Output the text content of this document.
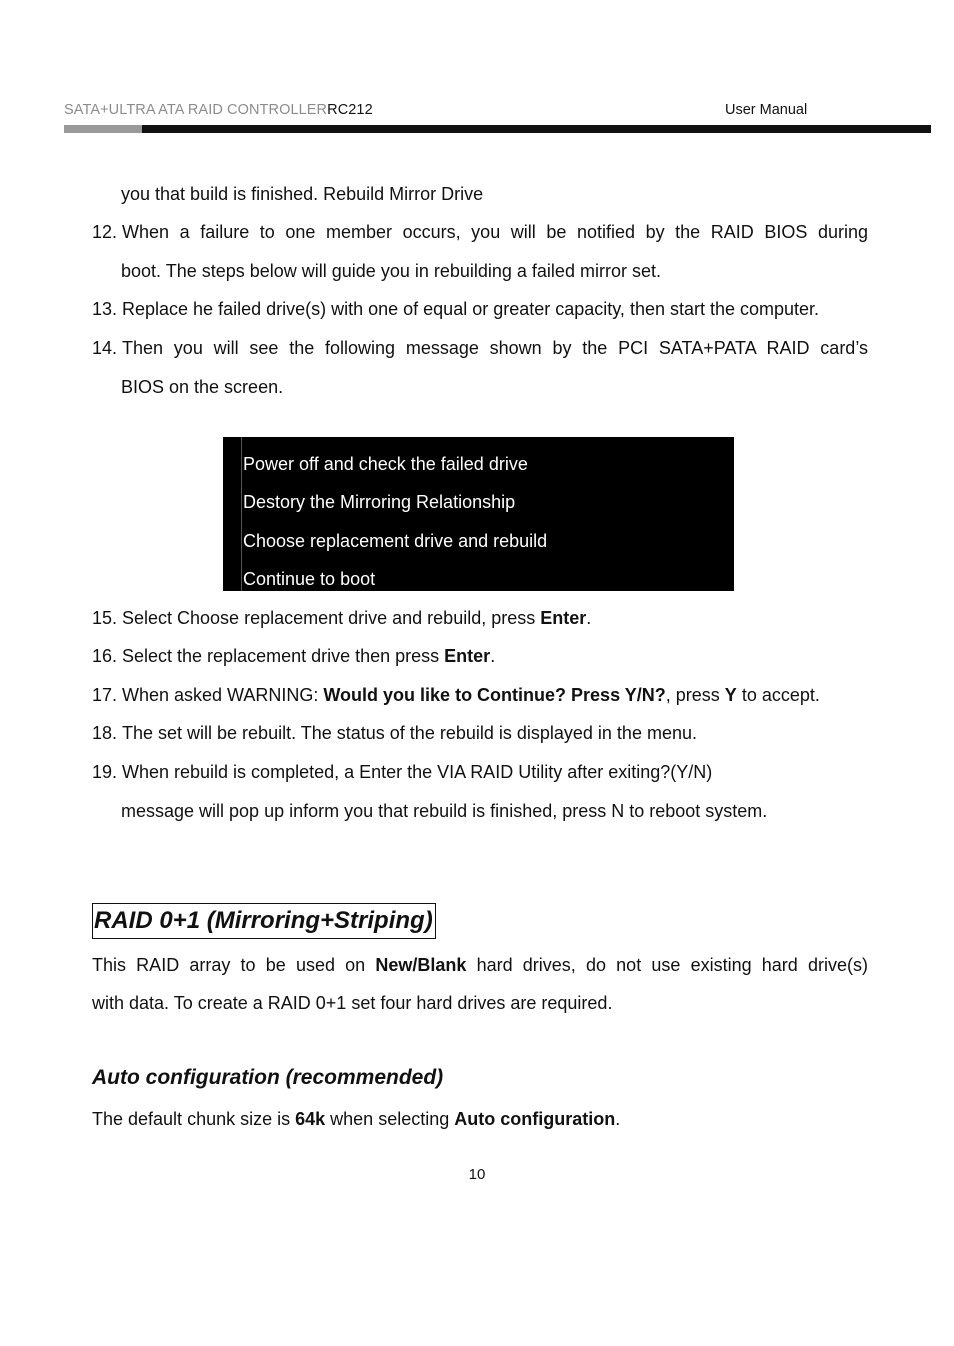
SATA+ULTRA ATA RAID CONTROLLERRC212	User Manual
you that build is finished. Rebuild Mirror Drive
12. When a failure to one member occurs, you will be notified by the RAID BIOS during
boot. The steps below will guide you in rebuilding a failed mirror set.
13. Replace he failed drive(s) with one of equal or greater capacity, then start the computer.
14. Then you will see the following message shown by the PCI SATA+PATA RAID card’s
BIOS on the screen.
Power off and check the failed drive
Destory the Mirroring Relationship
Choose replacement drive and rebuild
Continue to boot
15. Select Choose replacement drive and rebuild, press Enter.
16. Select the replacement drive then press Enter.
17. When asked WARNING: Would you like to Continue? Press Y/N?, press Y to accept.
18. The set will be rebuilt. The status of the rebuild is displayed in the menu.
19. When rebuild is completed, a Enter the VIA RAID Utility after exiting?(Y/N)
message will pop up inform you that rebuild is finished, press N to reboot system.
RAID 0+1 (Mirroring+Striping)
This RAID array to be used on New/Blank hard drives, do not use existing hard drive(s)
with data. To create a RAID 0+1 set four hard drives are required.
Auto configuration (recommended)
The default chunk size is 64k when selecting Auto configuration.
10
